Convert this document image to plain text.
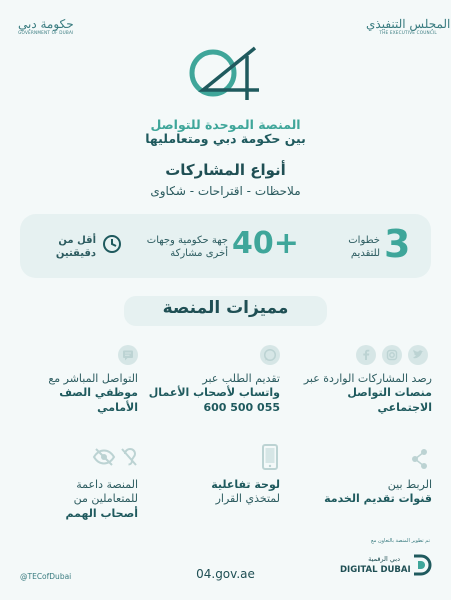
حكومة دبي
GOVERNMENT OF DUBAI
المجلس التنفيذي
THE EXECUTIVE COUNCIL
المنصة الموحدة للتواصل
بين حكومة دبي ومتعامليها
أنواع المشاركات
ملاحظات - اقتراحات - شكاوى
3
خطوات
للتقديم
40+
جهة حكومية وجهات
أخرى مشاركة
أقل من
دقيقتين
مميزات المنصة
رصد المشاركات الواردة عبر
منصات التواصل
الاجتماعي
تقديم الطلب عبر
واتساب لأصحاب الأعمال
600 500 055
التواصل المباشر مع
موظفي الصف
الأمامي
الربط بين
قنوات تقديم الخدمة
لوحة تفاعلية
لمتخذي القرار
المنصة داعمة
للمتعاملين من
أصحاب الهمم
تم تطوير المنصة بالتعاون مع
دبي الرقمية
DIGITAL DUBAI
@TECofDubai	04.gov.ae
